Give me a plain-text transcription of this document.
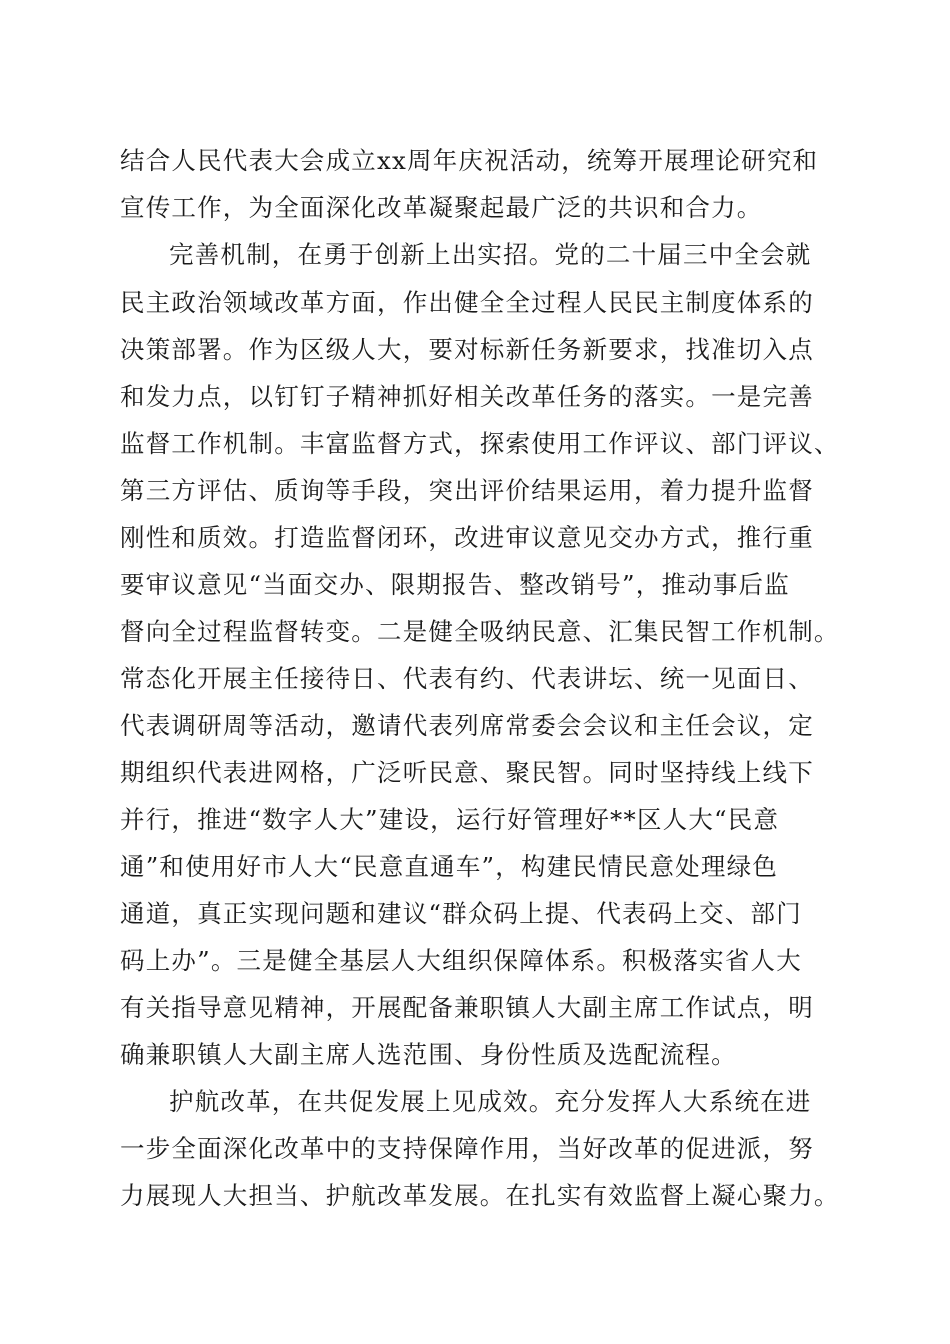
结合人民代表大会成立xx周年庆祝活动，统筹开展理论研究和
宣传工作，为全面深化改革凝聚起最广泛的共识和合力。
完善机制，在勇于创新上出实招。党的二十届三中全会就
民主政治领域改革方面，作出健全全过程人民民主制度体系的
决策部署。作为区级人大，要对标新任务新要求，找准切入点
和发力点，以钉钉子精神抓好相关改革任务的落实。一是完善
监督工作机制。丰富监督方式，探索使用工作评议、部门评议、
第三方评估、质询等手段，突出评价结果运用，着力提升监督
刚性和质效。打造监督闭环，改进审议意见交办方式，推行重
要审议意见“当面交办、限期报告、整改销号”，推动事后监
督向全过程监督转变。二是健全吸纳民意、汇集民智工作机制。
常态化开展主任接待日、代表有约、代表讲坛、统一见面日、
代表调研周等活动，邀请代表列席常委会会议和主任会议，定
期组织代表进网格，广泛听民意、聚民智。同时坚持线上线下
并行，推进“数字人大”建设，运行好管理好**区人大“民意
通”和使用好市人大“民意直通车”，构建民情民意处理绿色
通道，真正实现问题和建议“群众码上提、代表码上交、部门
码上办”。三是健全基层人大组织保障体系。积极落实省人大
有关指导意见精神，开展配备兼职镇人大副主席工作试点，明
确兼职镇人大副主席人选范围、身份性质及选配流程。
护航改革，在共促发展上见成效。充分发挥人大系统在进
一步全面深化改革中的支持保障作用，当好改革的促进派，努
力展现人大担当、护航改革发展。在扎实有效监督上凝心聚力。
